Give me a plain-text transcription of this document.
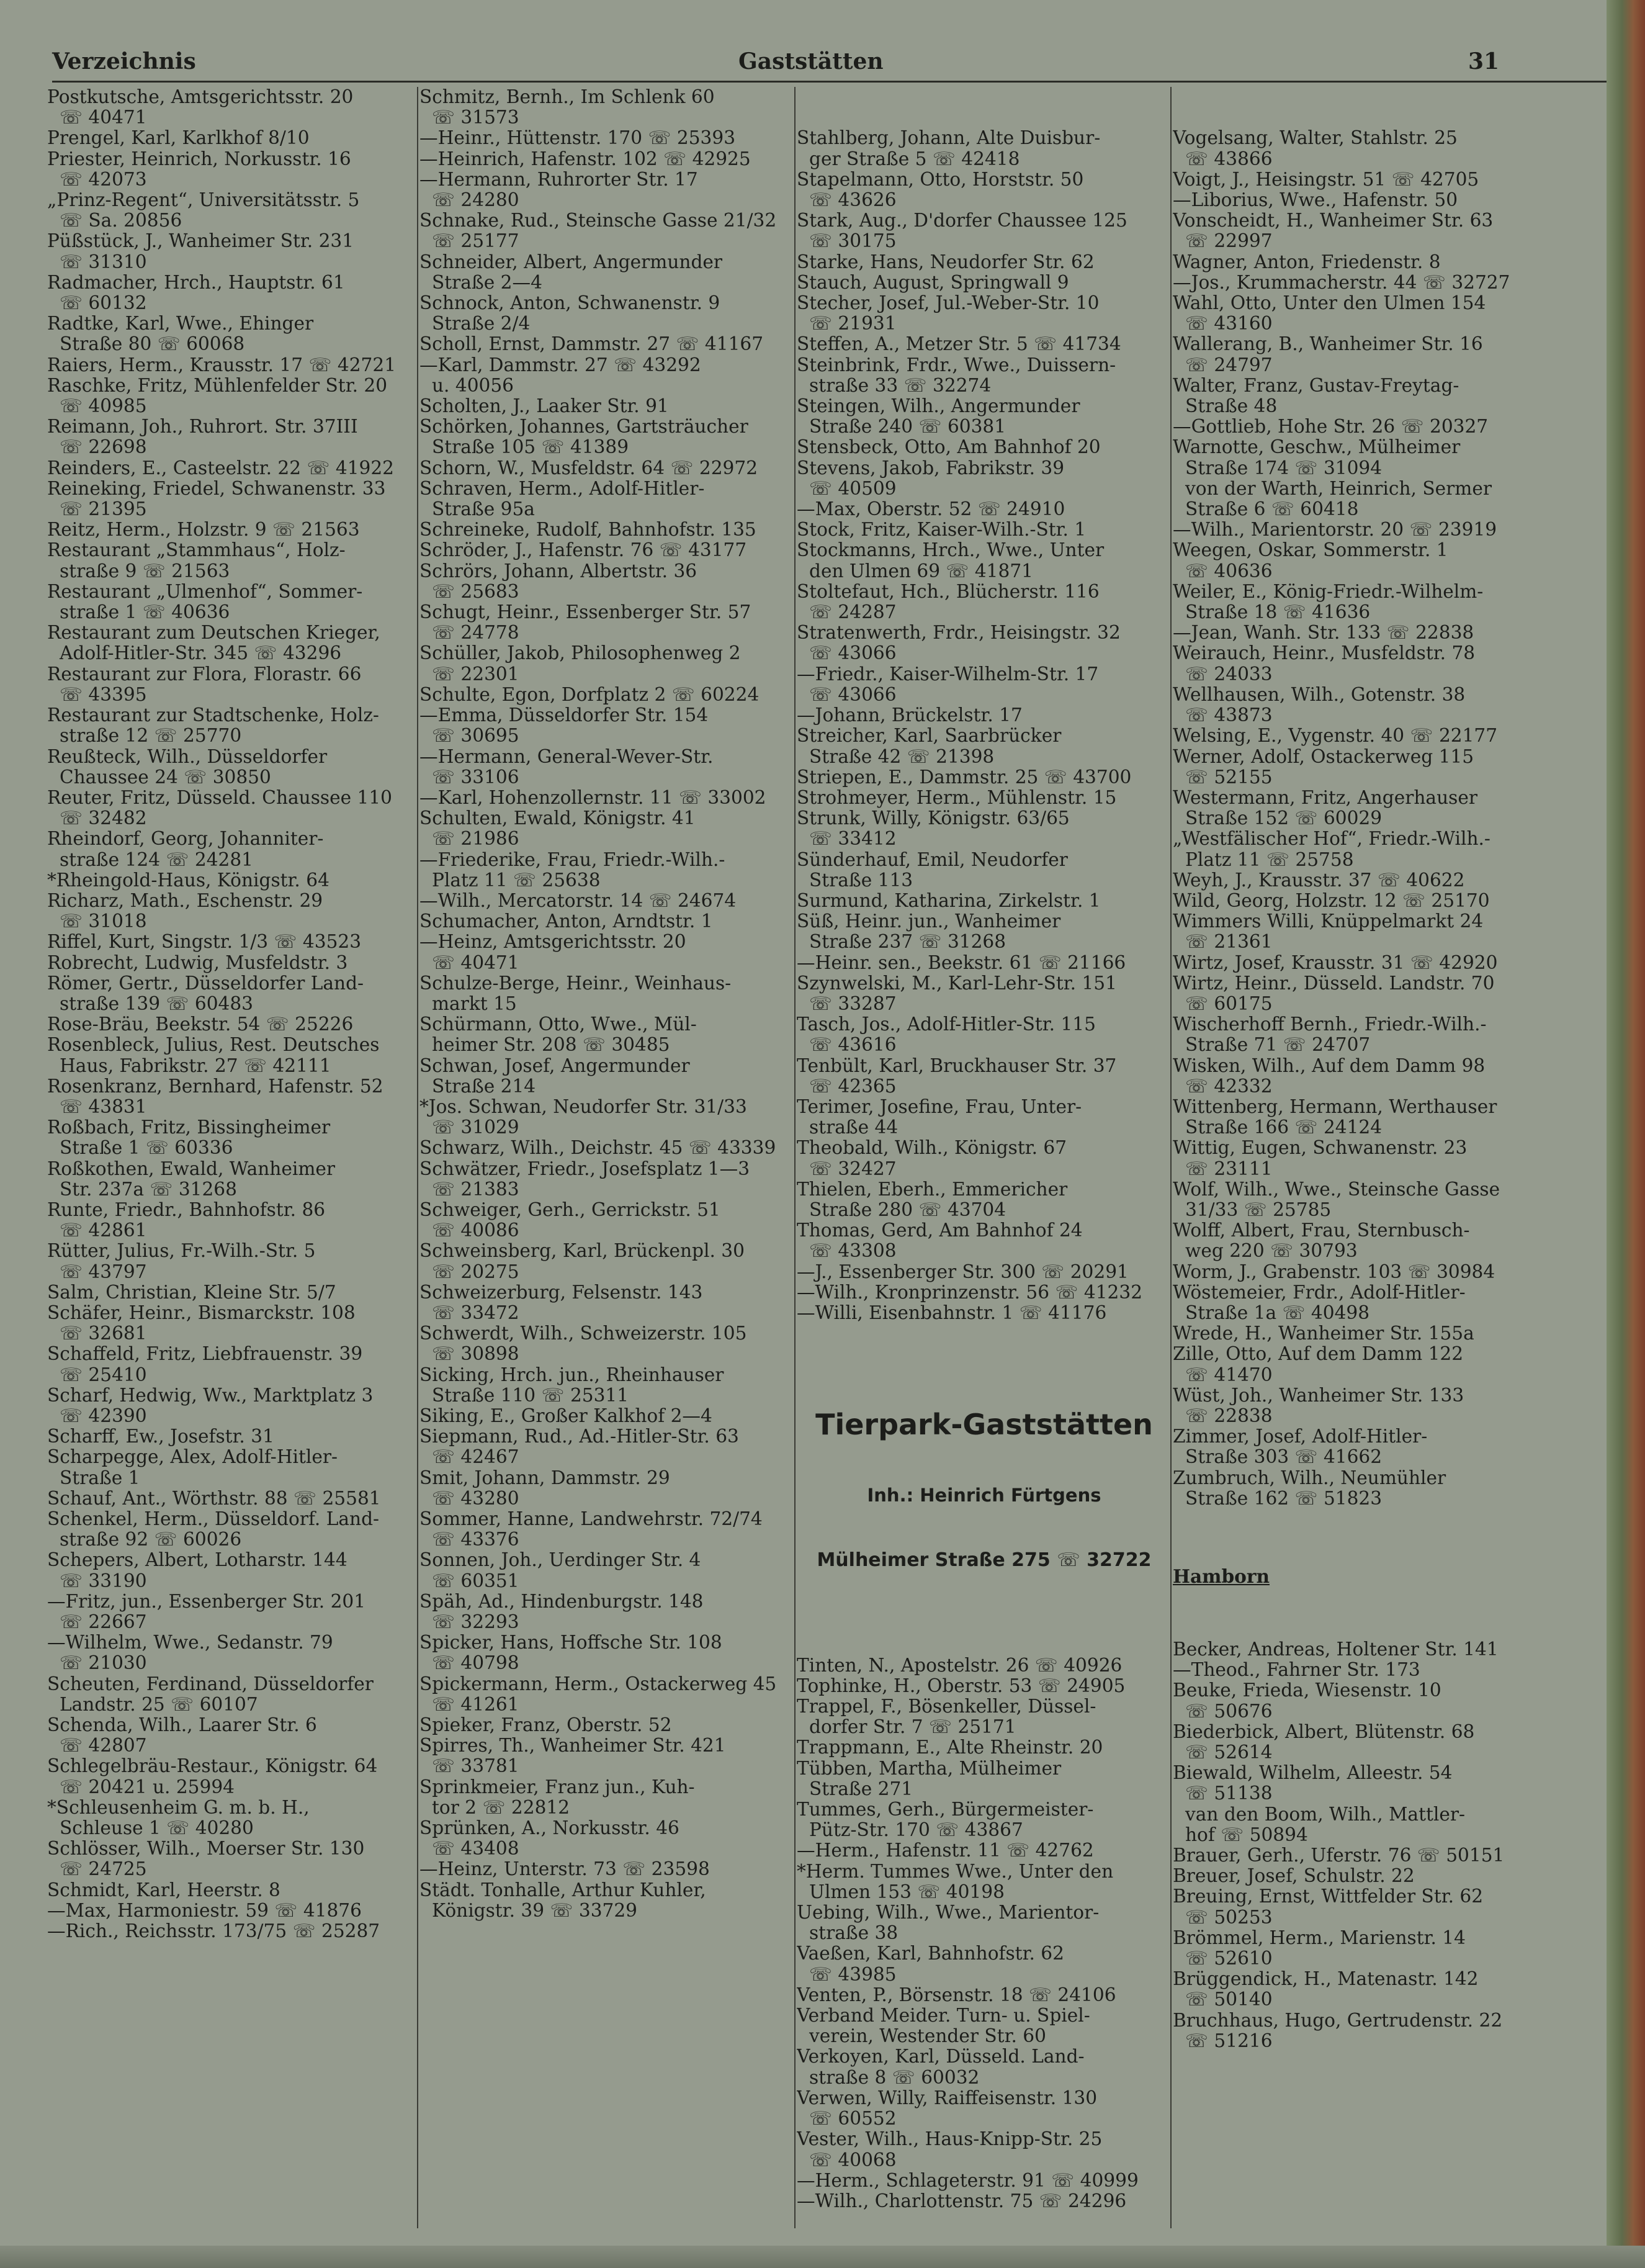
Verzeichnis	Gaststätten	31
Postkutsche, Amtsgerichtsstr. 20
☏ 40471
Prengel, Karl, Karlkhof 8/10
Priester, Heinrich, Norkusstr. 16
☏ 42073
„Prinz-Regent“, Universitätsstr. 5
☏ Sa. 20856
Püßstück, J., Wanheimer Str. 231
☏ 31310
Radmacher, Hrch., Hauptstr. 61
☏ 60132
Radtke, Karl, Wwe., Ehinger
Straße 80 ☏ 60068
Raiers, Herm., Krausstr. 17 ☏ 42721
Raschke, Fritz, Mühlenfelder Str. 20
☏ 40985
Reimann, Joh., Ruhrort. Str. 37III
☏ 22698
Reinders, E., Casteelstr. 22 ☏ 41922
Reineking, Friedel, Schwanenstr. 33
☏ 21395
Reitz, Herm., Holzstr. 9 ☏ 21563
Restaurant „Stammhaus“, Holz-
straße 9 ☏ 21563
Restaurant „Ulmenhof“, Sommer-
straße 1 ☏ 40636
Restaurant zum Deutschen Krieger,
Adolf-Hitler-Str. 345 ☏ 43296
Restaurant zur Flora, Florastr. 66
☏ 43395
Restaurant zur Stadtschenke, Holz-
straße 12 ☏ 25770
Reußteck, Wilh., Düsseldorfer
Chaussee 24 ☏ 30850
Reuter, Fritz, Düsseld. Chaussee 110
☏ 32482
Rheindorf, Georg, Johanniter-
straße 124 ☏ 24281
*Rheingold-Haus, Königstr. 64
Richarz, Math., Eschenstr. 29
☏ 31018
Riffel, Kurt, Singstr. 1/3 ☏ 43523
Robrecht, Ludwig, Musfeldstr. 3
Römer, Gertr., Düsseldorfer Land-
straße 139 ☏ 60483
Rose-Bräu, Beekstr. 54 ☏ 25226
Rosenbleck, Julius, Rest. Deutsches
Haus, Fabrikstr. 27 ☏ 42111
Rosenkranz, Bernhard, Hafenstr. 52
☏ 43831
Roßbach, Fritz, Bissingheimer
Straße 1 ☏ 60336
Roßkothen, Ewald, Wanheimer
Str. 237a ☏ 31268
Runte, Friedr., Bahnhofstr. 86
☏ 42861
Rütter, Julius, Fr.-Wilh.-Str. 5
☏ 43797
Salm, Christian, Kleine Str. 5/7
Schäfer, Heinr., Bismarckstr. 108
☏ 32681
Schaffeld, Fritz, Liebfrauenstr. 39
☏ 25410
Scharf, Hedwig, Ww., Marktplatz 3
☏ 42390
Scharff, Ew., Josefstr. 31
Scharpegge, Alex, Adolf-Hitler-
Straße 1
Schauf, Ant., Wörthstr. 88 ☏ 25581
Schenkel, Herm., Düsseldorf. Land-
straße 92 ☏ 60026
Schepers, Albert, Lotharstr. 144
☏ 33190
—Fritz, jun., Essenberger Str. 201
☏ 22667
—Wilhelm, Wwe., Sedanstr. 79
☏ 21030
Scheuten, Ferdinand, Düsseldorfer
Landstr. 25 ☏ 60107
Schenda, Wilh., Laarer Str. 6
☏ 42807
Schlegelbräu-Restaur., Königstr. 64
☏ 20421 u. 25994
*Schleusenheim G. m. b. H.,
Schleuse 1 ☏ 40280
Schlösser, Wilh., Moerser Str. 130
☏ 24725
Schmidt, Karl, Heerstr. 8
—Max, Harmoniestr. 59 ☏ 41876
—Rich., Reichsstr. 173/75 ☏ 25287
Schmitz, Bernh., Im Schlenk 60
☏ 31573
—Heinr., Hüttenstr. 170 ☏ 25393
—Heinrich, Hafenstr. 102 ☏ 42925
—Hermann, Ruhrorter Str. 17
☏ 24280
Schnake, Rud., Steinsche Gasse 21/32
☏ 25177
Schneider, Albert, Angermunder
Straße 2—4
Schnock, Anton, Schwanenstr. 9
Straße 2/4
Scholl, Ernst, Dammstr. 27 ☏ 41167
—Karl, Dammstr. 27 ☏ 43292
u. 40056
Scholten, J., Laaker Str. 91
Schörken, Johannes, Gartsträucher
Straße 105 ☏ 41389
Schorn, W., Musfeldstr. 64 ☏ 22972
Schraven, Herm., Adolf-Hitler-
Straße 95a
Schreineke, Rudolf, Bahnhofstr. 135
Schröder, J., Hafenstr. 76 ☏ 43177
Schrörs, Johann, Albertstr. 36
☏ 25683
Schugt, Heinr., Essenberger Str. 57
☏ 24778
Schüller, Jakob, Philosophenweg 2
☏ 22301
Schulte, Egon, Dorfplatz 2 ☏ 60224
—Emma, Düsseldorfer Str. 154
☏ 30695
—Hermann, General-Wever-Str.
☏ 33106
—Karl, Hohenzollernstr. 11 ☏ 33002
Schulten, Ewald, Königstr. 41
☏ 21986
—Friederike, Frau, Friedr.-Wilh.-
Platz 11 ☏ 25638
—Wilh., Mercatorstr. 14 ☏ 24674
Schumacher, Anton, Arndtstr. 1
—Heinz, Amtsgerichtsstr. 20
☏ 40471
Schulze-Berge, Heinr., Weinhaus-
markt 15
Schürmann, Otto, Wwe., Mül-
heimer Str. 208 ☏ 30485
Schwan, Josef, Angermunder
Straße 214
*Jos. Schwan, Neudorfer Str. 31/33
☏ 31029
Schwarz, Wilh., Deichstr. 45 ☏ 43339
Schwätzer, Friedr., Josefsplatz 1—3
☏ 21383
Schweiger, Gerh., Gerrickstr. 51
☏ 40086
Schweinsberg, Karl, Brückenpl. 30
☏ 20275
Schweizerburg, Felsenstr. 143
☏ 33472
Schwerdt, Wilh., Schweizerstr. 105
☏ 30898
Sicking, Hrch. jun., Rheinhauser
Straße 110 ☏ 25311
Siking, E., Großer Kalkhof 2—4
Siepmann, Rud., Ad.-Hitler-Str. 63
☏ 42467
Smit, Johann, Dammstr. 29
☏ 43280
Sommer, Hanne, Landwehrstr. 72/74
☏ 43376
Sonnen, Joh., Uerdinger Str. 4
☏ 60351
Späh, Ad., Hindenburgstr. 148
☏ 32293
Spicker, Hans, Hoffsche Str. 108
☏ 40798
Spickermann, Herm., Ostackerweg 45
☏ 41261
Spieker, Franz, Oberstr. 52
Spirres, Th., Wanheimer Str. 421
☏ 33781
Sprinkmeier, Franz jun., Kuh-
tor 2 ☏ 22812
Sprünken, A., Norkusstr. 46
☏ 43408
—Heinz, Unterstr. 73 ☏ 23598
Städt. Tonhalle, Arthur Kuhler,
Königstr. 39 ☏ 33729

Stahlberg, Johann, Alte Duisbur-
ger Straße 5 ☏ 42418
Stapelmann, Otto, Horststr. 50
☏ 43626
Stark, Aug., D'dorfer Chaussee 125
☏ 30175
Starke, Hans, Neudorfer Str. 62
Stauch, August, Springwall 9
Stecher, Josef, Jul.-Weber-Str. 10
☏ 21931
Steffen, A., Metzer Str. 5 ☏ 41734
Steinbrink, Frdr., Wwe., Duissern-
straße 33 ☏ 32274
Steingen, Wilh., Angermunder
Straße 240 ☏ 60381
Stensbeck, Otto, Am Bahnhof 20
Stevens, Jakob, Fabrikstr. 39
☏ 40509
—Max, Oberstr. 52 ☏ 24910
Stock, Fritz, Kaiser-Wilh.-Str. 1
Stockmanns, Hrch., Wwe., Unter
den Ulmen 69 ☏ 41871
Stoltefaut, Hch., Blücherstr. 116
☏ 24287
Stratenwerth, Frdr., Heisingstr. 32
☏ 43066
—Friedr., Kaiser-Wilhelm-Str. 17
☏ 43066
—Johann, Brückelstr. 17
Streicher, Karl, Saarbrücker
Straße 42 ☏ 21398
Striepen, E., Dammstr. 25 ☏ 43700
Strohmeyer, Herm., Mühlenstr. 15
Strunk, Willy, Königstr. 63/65
☏ 33412
Sünderhauf, Emil, Neudorfer
Straße 113
Surmund, Katharina, Zirkelstr. 1
Süß, Heinr. jun., Wanheimer
Straße 237 ☏ 31268
—Heinr. sen., Beekstr. 61 ☏ 21166
Szynwelski, M., Karl-Lehr-Str. 151
☏ 33287
Tasch, Jos., Adolf-Hitler-Str. 115
☏ 43616
Tenbült, Karl, Bruckhauser Str. 37
☏ 42365
Terimer, Josefine, Frau, Unter-
straße 44
Theobald, Wilh., Königstr. 67
☏ 32427
Thielen, Eberh., Emmericher
Straße 280 ☏ 43704
Thomas, Gerd, Am Bahnhof 24
☏ 43308
—J., Essenberger Str. 300 ☏ 20291
—Wilh., Kronprinzenstr. 56 ☏ 41232
—Willi, Eisenbahnstr. 1 ☏ 41176

Tierpark-Gaststätten

Inh.: Heinrich Fürtgens

Mülheimer Straße 275 ☏ 32722

Tinten, N., Apostelstr. 26 ☏ 40926
Tophinke, H., Oberstr. 53 ☏ 24905
Trappel, F., Bösenkeller, Düssel-
dorfer Str. 7 ☏ 25171
Trappmann, E., Alte Rheinstr. 20
Tübben, Martha, Mülheimer
Straße 271
Tummes, Gerh., Bürgermeister-
Pütz-Str. 170 ☏ 43867
—Herm., Hafenstr. 11 ☏ 42762
*Herm. Tummes Wwe., Unter den
Ulmen 153 ☏ 40198
Uebing, Wilh., Wwe., Marientor-
straße 38
Vaeßen, Karl, Bahnhofstr. 62
☏ 43985
Venten, P., Börsenstr. 18 ☏ 24106
Verband Meider. Turn- u. Spiel-
verein, Westender Str. 60
Verkoyen, Karl, Düsseld. Land-
straße 8 ☏ 60032
Verwen, Willy, Raiffeisenstr. 130
☏ 60552
Vester, Wilh., Haus-Knipp-Str. 25
☏ 40068
—Herm., Schlageterstr. 91 ☏ 40999
—Wilh., Charlottenstr. 75 ☏ 24296

Vogelsang, Walter, Stahlstr. 25
☏ 43866
Voigt, J., Heisingstr. 51 ☏ 42705
—Liborius, Wwe., Hafenstr. 50
Vonscheidt, H., Wanheimer Str. 63
☏ 22997
Wagner, Anton, Friedenstr. 8
—Jos., Krummacherstr. 44 ☏ 32727
Wahl, Otto, Unter den Ulmen 154
☏ 43160
Wallerang, B., Wanheimer Str. 16
☏ 24797
Walter, Franz, Gustav-Freytag-
Straße 48
—Gottlieb, Hohe Str. 26 ☏ 20327
Warnotte, Geschw., Mülheimer
Straße 174 ☏ 31094
von der Warth, Heinrich, Sermer
Straße 6 ☏ 60418
—Wilh., Marientorstr. 20 ☏ 23919
Weegen, Oskar, Sommerstr. 1
☏ 40636
Weiler, E., König-Friedr.-Wilhelm-
Straße 18 ☏ 41636
—Jean, Wanh. Str. 133 ☏ 22838
Weirauch, Heinr., Musfeldstr. 78
☏ 24033
Wellhausen, Wilh., Gotenstr. 38
☏ 43873
Welsing, E., Vygenstr. 40 ☏ 22177
Werner, Adolf, Ostackerweg 115
☏ 52155
Westermann, Fritz, Angerhauser
Straße 152 ☏ 60029
„Westfälischer Hof“, Friedr.-Wilh.-
Platz 11 ☏ 25758
Weyh, J., Krausstr. 37 ☏ 40622
Wild, Georg, Holzstr. 12 ☏ 25170
Wimmers Willi, Knüppelmarkt 24
☏ 21361
Wirtz, Josef, Krausstr. 31 ☏ 42920
Wirtz, Heinr., Düsseld. Landstr. 70
☏ 60175
Wischerhoff Bernh., Friedr.-Wilh.-
Straße 71 ☏ 24707
Wisken, Wilh., Auf dem Damm 98
☏ 42332
Wittenberg, Hermann, Werthauser
Straße 166 ☏ 24124
Wittig, Eugen, Schwanenstr. 23
☏ 23111
Wolf, Wilh., Wwe., Steinsche Gasse
31/33 ☏ 25785
Wolff, Albert, Frau, Sternbusch-
weg 220 ☏ 30793
Worm, J., Grabenstr. 103 ☏ 30984
Wöstemeier, Frdr., Adolf-Hitler-
Straße 1a ☏ 40498
Wrede, H., Wanheimer Str. 155a
Zille, Otto, Auf dem Damm 122
☏ 41470
Wüst, Joh., Wanheimer Str. 133
☏ 22838
Zimmer, Josef, Adolf-Hitler-
Straße 303 ☏ 41662
Zumbruch, Wilh., Neumühler
Straße 162 ☏ 51823

Hamborn

Becker, Andreas, Holtener Str. 141
—Theod., Fahrner Str. 173
Beuke, Frieda, Wiesenstr. 10
☏ 50676
Biederbick, Albert, Blütenstr. 68
☏ 52614
Biewald, Wilhelm, Alleestr. 54
☏ 51138
van den Boom, Wilh., Mattler-
hof ☏ 50894
Brauer, Gerh., Uferstr. 76 ☏ 50151
Breuer, Josef, Schulstr. 22
Breuing, Ernst, Wittfelder Str. 62
☏ 50253
Brömmel, Herm., Marienstr. 14
☏ 52610
Brüggendick, H., Matenastr. 142
☏ 50140
Bruchhaus, Hugo, Gertrudenstr. 22
☏ 51216
